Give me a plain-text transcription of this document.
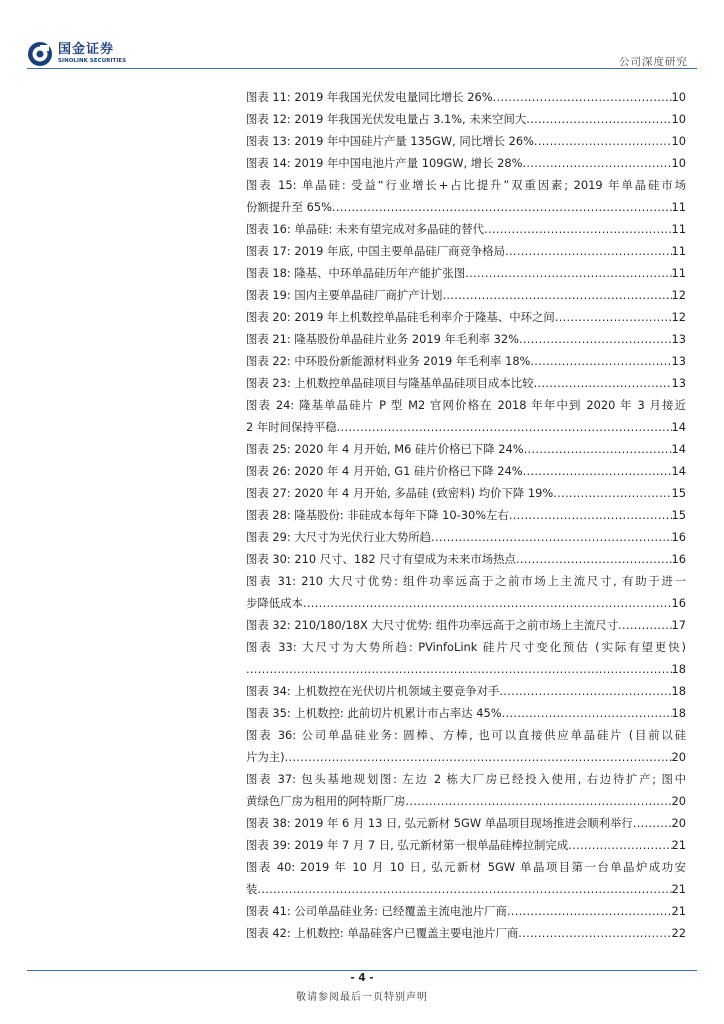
国金证券
SINOLINK SECURITIES	公司深度研究
图表 11: 2019 年我国光伏发电量同比增长 26% .....	10
图表 12: 2019 年我国光伏发电量占 3.1%, 未来空间大 .....	10
图表 13: 2019 年中国硅片产量 135GW, 同比增长 26% .....	10
图表 14: 2019 年中国电池片产量 109GW, 增长 28% .....	10
图表 15: 单晶硅: 受益“行业增长+占比提升”双重因素; 2019 年单晶硅市场
份额提升至 65% .....	11
图表 16: 单晶硅: 未来有望完成对多晶硅的替代 .....	11
图表 17: 2019 年底, 中国主要单晶硅厂商竞争格局 .....	11
图表 18: 隆基、中环单晶硅历年产能扩张图 .....	11
图表 19: 国内主要单晶硅厂商扩产计划 .....	12
图表 20: 2019 年上机数控单晶硅毛利率介于隆基、中环之间 .....	12
图表 21: 隆基股份单晶硅片业务 2019 年毛利率 32% .....	13
图表 22: 中环股份新能源材料业务 2019 年毛利率 18% .....	13
图表 23: 上机数控单晶硅项目与隆基单晶硅项目成本比较 .....	13
图表 24: 隆基单晶硅片 P 型 M2 官网价格在 2018 年年中到 2020 年 3 月接近
2 年时间保持平稳 .....	14
图表 25: 2020 年 4 月开始, M6 硅片价格已下降 24% .....	14
图表 26: 2020 年 4 月开始, G1 硅片价格已下降 24% .....	14
图表 27: 2020 年 4 月开始, 多晶硅 (致密料) 均价下降 19% .....	15
图表 28: 隆基股份: 非硅成本每年下降 10-30%左右 .....	15
图表 29: 大尺寸为光伏行业大势所趋 .....	16
图表 30: 210 尺寸、182 尺寸有望成为未来市场热点 .....	16
图表 31: 210 大尺寸优势: 组件功率远高于之前市场上主流尺寸, 有助于进一
步降低成本 .....	16
图表 32: 210/180/18X 大尺寸优势: 组件功率远高于之前市场上主流尺寸 .....	17
图表 33: 大尺寸为大势所趋: PVinfoLink 硅片尺寸变化预估 (实际有望更快)
.....
18
图表 34: 上机数控在光伏切片机领域主要竞争对手 .....	18
图表 35: 上机数控: 此前切片机累计市占率达 45% .....	18
图表 36: 公司单晶硅业务: 圆棒、方棒, 也可以直接供应单晶硅片 (目前以硅
片为主) .....	20
图表 37: 包头基地规划图: 左边 2 栋大厂房已经投入使用, 右边待扩产; 图中
黄绿色厂房为租用的阿特斯厂房 .....	20
图表 38: 2019 年 6 月 13 日, 弘元新材 5GW 单晶项目现场推进会顺利举行 .....	20
图表 39: 2019 年 7 月 7 日, 弘元新材第一根单晶硅棒拉制完成 .....	21
图表 40: 2019 年 10 月 10 日, 弘元新材 5GW 单晶项目第一台单晶炉成功安
装 .....	21
图表 41: 公司单晶硅业务: 已经覆盖主流电池片厂商 .....	21
图表 42: 上机数控: 单晶硅客户已覆盖主要电池片厂商 .....	22
- 4 -
敬请参阅最后一页特别声明
